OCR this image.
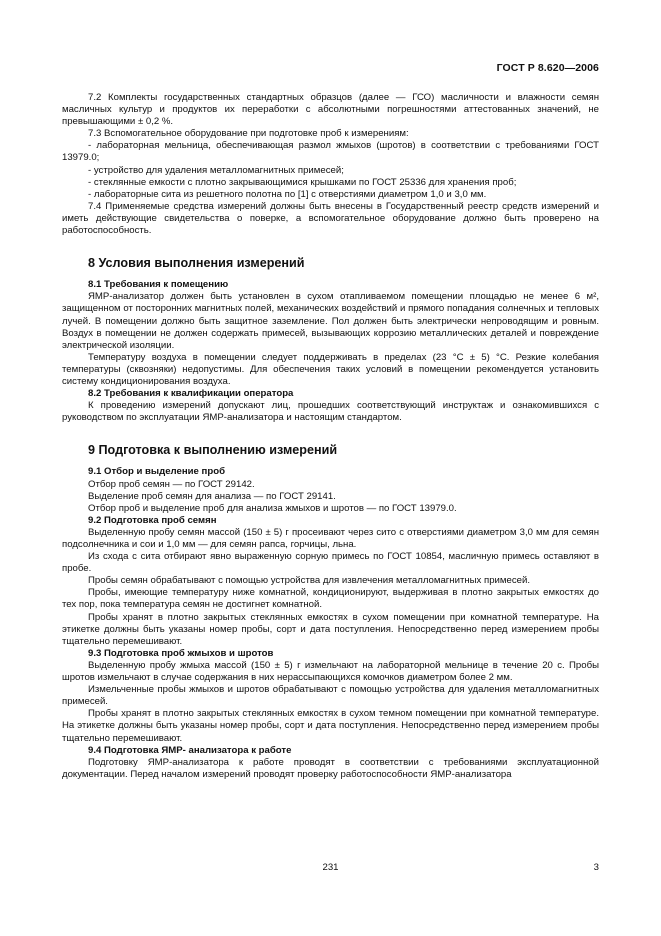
ГОСТ Р 8.620—2006

7.2 Комплекты государственных стандартных образцов (далее — ГСО) масличности и влажности семян масличных культур и продуктов их переработки с абсолютными погрешностями аттестованных значений, не превышающими ± 0,2 %.

7.3 Вспомогательное оборудование при подготовке проб к измерениям:

- лабораторная мельница, обеспечивающая размол жмыхов (шротов) в соответствии с требованиями ГОСТ 13979.0;

- устройство для удаления металломагнитных примесей;

- стеклянные емкости с плотно закрывающимися крышками по ГОСТ 25336 для хранения проб;

- лабораторные сита из решетного полотна по [1] с отверстиями диаметром 1,0 и 3,0 мм.

7.4 Применяемые средства измерений должны быть внесены в Государственный реестр средств измерений и иметь действующие свидетельства о поверке, а вспомогательное оборудование должно быть проверено на работоспособность.

8 Условия выполнения измерений

8.1 Требования к помещению

ЯМР-анализатор должен быть установлен в сухом отапливаемом помещении площадью не менее 6 м², защищенном от посторонних магнитных полей, механических воздействий и прямого попадания солнечных и тепловых лучей. В помещении должно быть защитное заземление. Пол должен быть электрически непроводящим и ровным. Воздух в помещении не должен содержать примесей, вызывающих коррозию металлических деталей и повреждение электрической изоляции.

Температуру воздуха в помещении следует поддерживать в пределах (23 °С ± 5) °С. Резкие колебания температуры (сквозняки) недопустимы. Для обеспечения таких условий в помещении рекомендуется установить систему кондиционирования воздуха.

8.2 Требования к квалификации оператора

К проведению измерений допускают лиц, прошедших соответствующий инструктаж и ознакомившихся с руководством по эксплуатации ЯМР-анализатора и настоящим стандартом.

9 Подготовка к выполнению измерений

9.1 Отбор и выделение проб

Отбор проб семян — по ГОСТ 29142.

Выделение проб семян для анализа — по ГОСТ 29141.

Отбор проб и выделение проб для анализа жмыхов и шротов — по ГОСТ 13979.0.

9.2 Подготовка проб семян

Выделенную пробу семян массой (150 ± 5) г просеивают через сито с отверстиями диаметром 3,0 мм для семян подсолнечника и сои и 1,0 мм — для семян рапса, горчицы, льна.

Из схода с сита отбирают явно выраженную сорную примесь по ГОСТ 10854, масличную примесь оставляют в пробе.

Пробы семян обрабатывают с помощью устройства для извлечения металломагнитных примесей.

Пробы, имеющие температуру ниже комнатной, кондиционируют, выдерживая в плотно закрытых емкостях до тех пор, пока температура семян не достигнет комнатной.

Пробы хранят в плотно закрытых стеклянных емкостях в сухом помещении при комнатной температуре. На этикетке должны быть указаны номер пробы, сорт и дата поступления. Непосредственно перед измерением пробы тщательно перемешивают.

9.3 Подготовка проб жмыхов и шротов

Выделенную пробу жмыха массой (150 ± 5) г измельчают на лабораторной мельнице в течение 20 с. Пробы шротов измельчают в случае содержания в них нерассыпающихся комочков диаметром более 2 мм.

Измельченные пробы жмыхов и шротов обрабатывают с помощью устройства для удаления металломагнитных примесей.

Пробы хранят в плотно закрытых стеклянных емкостях в сухом темном помещении при комнатной температуре. На этикетке должны быть указаны номер пробы, сорт и дата поступления. Непосредственно перед измерением пробы тщательно перемешивают.

9.4 Подготовка ЯМР- анализатора к работе

Подготовку ЯМР-анализатора к работе проводят в соответствии с требованиями эксплуатационной документации. Перед началом измерений проводят проверку работоспособности ЯМР-анализатора

231	3
